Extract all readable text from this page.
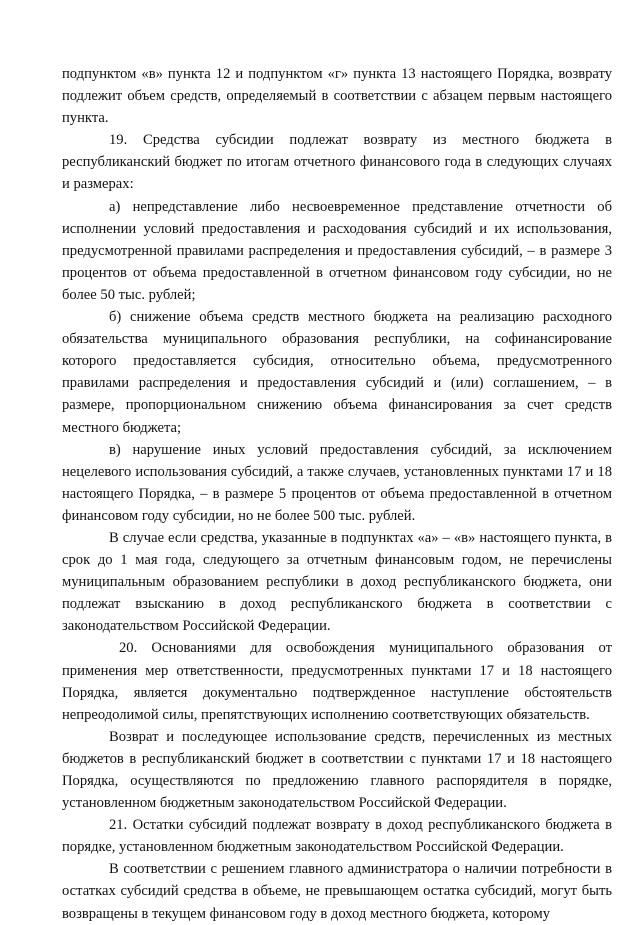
подпунктом «в» пункта 12 и подпунктом «г» пункта 13 настоящего Порядка, возврату подлежит объем средств, определяемый в соответствии с абзацем первым настоящего пункта.

19. Средства субсидии подлежат возврату из местного бюджета в республиканский бюджет по итогам отчетного финансового года в следующих случаях и размерах:

а) непредставление либо несвоевременное представление отчетности об исполнении условий предоставления и расходования субсидий и их использования, предусмотренной правилами распределения и предоставления субсидий, – в размере 3 процентов от объема предоставленной в отчетном финансовом году субсидии, но не более 50 тыс. рублей;

б) снижение объема средств местного бюджета на реализацию расходного обязательства муниципального образования республики, на софинансирование которого предоставляется субсидия, относительно объема, предусмотренного правилами распределения и предоставления субсидий и (или) соглашением, – в размере, пропорциональном снижению объема финансирования за счет средств местного бюджета;

в) нарушение иных условий предоставления субсидий, за исключением нецелевого использования субсидий, а также случаев, установленных пунктами 17 и 18 настоящего Порядка, – в размере 5 процентов от объема предоставленной в отчетном финансовом году субсидии, но не более 500 тыс. рублей.

В случае если средства, указанные в подпунктах «а» – «в» настоящего пункта, в срок до 1 мая года, следующего за отчетным финансовым годом, не перечислены муниципальным образованием республики в доход республиканского бюджета, они подлежат взысканию в доход республиканского бюджета в соответствии с законодательством Российской Федерации.

20. Основаниями для освобождения муниципального образования от применения мер ответственности, предусмотренных пунктами 17 и 18 настоящего Порядка, является документально подтвержденное наступление обстоятельств непреодолимой силы, препятствующих исполнению соответствующих обязательств.

Возврат и последующее использование средств, перечисленных из местных бюджетов в республиканский бюджет в соответствии с пунктами 17 и 18 настоящего Порядка, осуществляются по предложению главного распорядителя в порядке, установленном бюджетным законодательством Российской Федерации.

21. Остатки субсидий подлежат возврату в доход республиканского бюджета в порядке, установленном бюджетным законодательством Российской Федерации.

В соответствии с решением главного администратора о наличии потребности в остатках субсидий средства в объеме, не превышающем остатка субсидий, могут быть возвращены в текущем финансовом году в доход местного бюджета, которому
